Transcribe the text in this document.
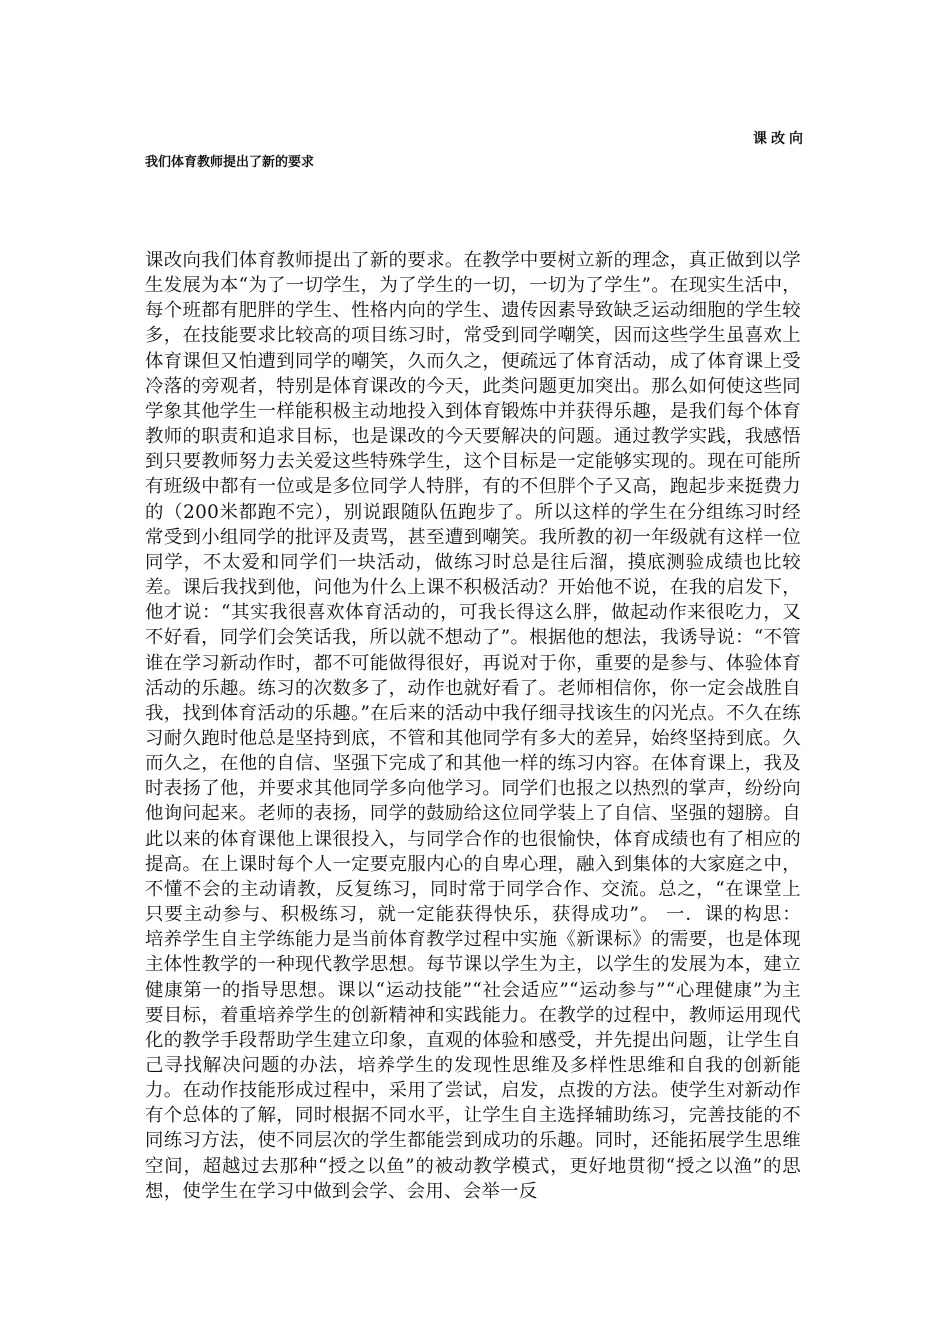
课改向
我们体育教师提出了新的要求

课改向我们体育教师提出了新的要求。在教学中要树立新的理念，真正做到以学生发展为本“为了一切学生，为了学生的一切，一切为了学生”。在现实生活中，每个班都有肥胖的学生、性格内向的学生、遗传因素导致缺乏运动细胞的学生较多，在技能要求比较高的项目练习时，常受到同学嘲笑，因而这些学生虽喜欢上体育课但又怕遭到同学的嘲笑，久而久之，便疏远了体育活动，成了体育课上受冷落的旁观者，特别是体育课改的今天，此类问题更加突出。那么如何使这些同学象其他学生一样能积极主动地投入到体育锻炼中并获得乐趣，是我们每个体育教师的职责和追求目标，也是课改的今天要解决的问题。通过教学实践，我感悟到只要教师努力去关爱这些特殊学生，这个目标是一定能够实现的。现在可能所有班级中都有一位或是多位同学人特胖，有的不但胖个子又高，跑起步来挺费力的（200米都跑不完），别说跟随队伍跑步了。所以这样的学生在分组练习时经常受到小组同学的批评及责骂，甚至遭到嘲笑。我所教的初一年级就有这样一位同学，不太爱和同学们一块活动，做练习时总是往后溜，摸底测验成绩也比较差。课后我找到他，问他为什么上课不积极活动？开始他不说，在我的启发下，他才说：“其实我很喜欢体育活动的，可我长得这么胖，做起动作来很吃力，又不好看，同学们会笑话我，所以就不想动了”。根据他的想法，我诱导说：“不管谁在学习新动作时，都不可能做得很好，再说对于你，重要的是参与、体验体育活动的乐趣。练习的次数多了，动作也就好看了。老师相信你，你一定会战胜自我，找到体育活动的乐趣。”在后来的活动中我仔细寻找该生的闪光点。不久在练习耐久跑时他总是坚持到底，不管和其他同学有多大的差异，始终坚持到底。久而久之，在他的自信、坚强下完成了和其他一样的练习内容。在体育课上，我及时表扬了他，并要求其他同学多向他学习。同学们也报之以热烈的掌声，纷纷向他询问起来。老师的表扬，同学的鼓励给这位同学装上了自信、坚强的翅膀。自此以来的体育课他上课很投入，与同学合作的也很愉快，体育成绩也有了相应的提高。在上课时每个人一定要克服内心的自卑心理，融入到集体的大家庭之中，不懂不会的主动请教，反复练习，同时常于同学合作、交流。总之，“在课堂上只要主动参与、积极练习，就一定能获得快乐，获得成功”。 一．课的构思： 培养学生自主学练能力是当前体育教学过程中实施《新课标》的需要，也是体现主体性教学的一种现代教学思想。每节课以学生为主，以学生的发展为本，建立健康第一的指导思想。课以“运动技能”“社会适应”“运动参与”“心理健康”为主要目标，着重培养学生的创新精神和实践能力。在教学的过程中，教师运用现代化的教学手段帮助学生建立印象，直观的体验和感受，并先提出问题，让学生自己寻找解决问题的办法，培养学生的发现性思维及多样性思维和自我的创新能力。在动作技能形成过程中，采用了尝试，启发，点拨的方法。使学生对新动作有个总体的了解，同时根据不同水平，让学生自主选择辅助练习，完善技能的不同练习方法，使不同层次的学生都能尝到成功的乐趣。同时，还能拓展学生思维空间，超越过去那种“授之以鱼”的被动教学模式，更好地贯彻“授之以渔”的思想，使学生在学习中做到会学、会用、会举一反
